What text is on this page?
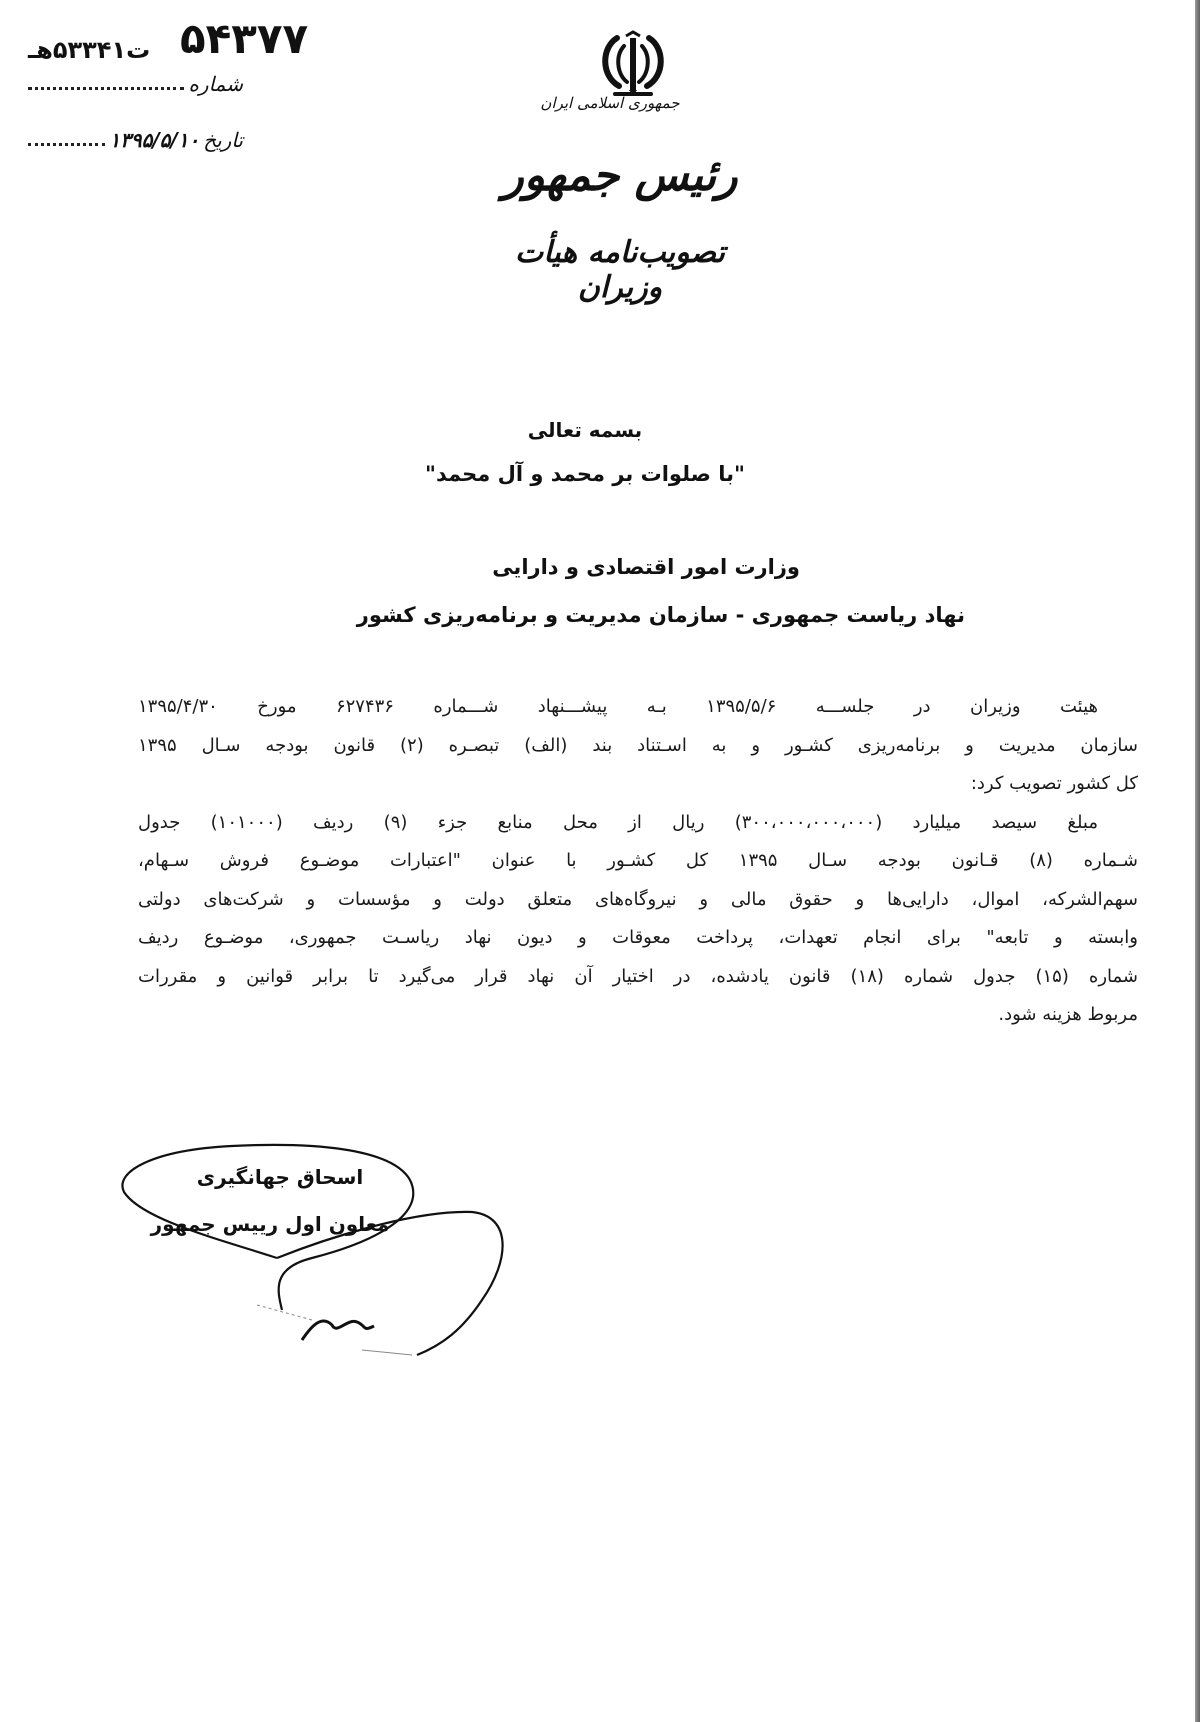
۵۴۳۷۷
ت۵۳۳۴۱هـ
شماره
تاریخ
۱۳۹۵/۵/۱۰
جمهوری اسلامی ایران
رئیس جمهور
تصویب‌نامه هیأت وزیران
بسمه تعالی
"با صلوات بر محمد و آل محمد"
وزارت امور اقتصادی و دارایی
نهاد ریاست جمهوری - سازمان مدیریت و برنامه‌ریزی کشور
هیئت وزیران در جلســـه ۱۳۹۵/۵/۶ بـه پیشـــنهاد شـــماره ۶۲۷۴۳۶ مورخ ۱۳۹۵/۴/۳۰
سازمان مدیریت و برنامه‌ریزی کشـور و به اسـتناد بند (الف) تبصـره (۲) قانون بودجه سـال ۱۳۹۵
کل کشور تصویب کرد:
مبلغ سیصد میلیارد (۳۰۰،۰۰۰،۰۰۰،۰۰۰) ریال از محل منابع جزء (۹) ردیف (۱۰۱۰۰۰) جدول
شـماره (۸) قـانون بودجه سـال ۱۳۹۵ کل کشـور با عنوان "اعتبارات موضـوع فروش سـهام،
سهم‌الشرکه، اموال، دارایی‌ها و حقوق مالی و نیروگاه‌های متعلق دولت و مؤسسات و شرکت‌های دولتی
وابسته و تابعه" برای انجام تعهدات، پرداخت معوقات و دیون نهاد ریاسـت جمهوری، موضـوع ردیف
شماره (۱۵) جدول شماره (۱۸) قانون یادشده، در اختیار آن نهاد قرار می‌گیرد تا برابر قوانین و مقررات
مربوط هزینه شود.
اسحاق جهانگیری
معاون اول رییس جمهور
